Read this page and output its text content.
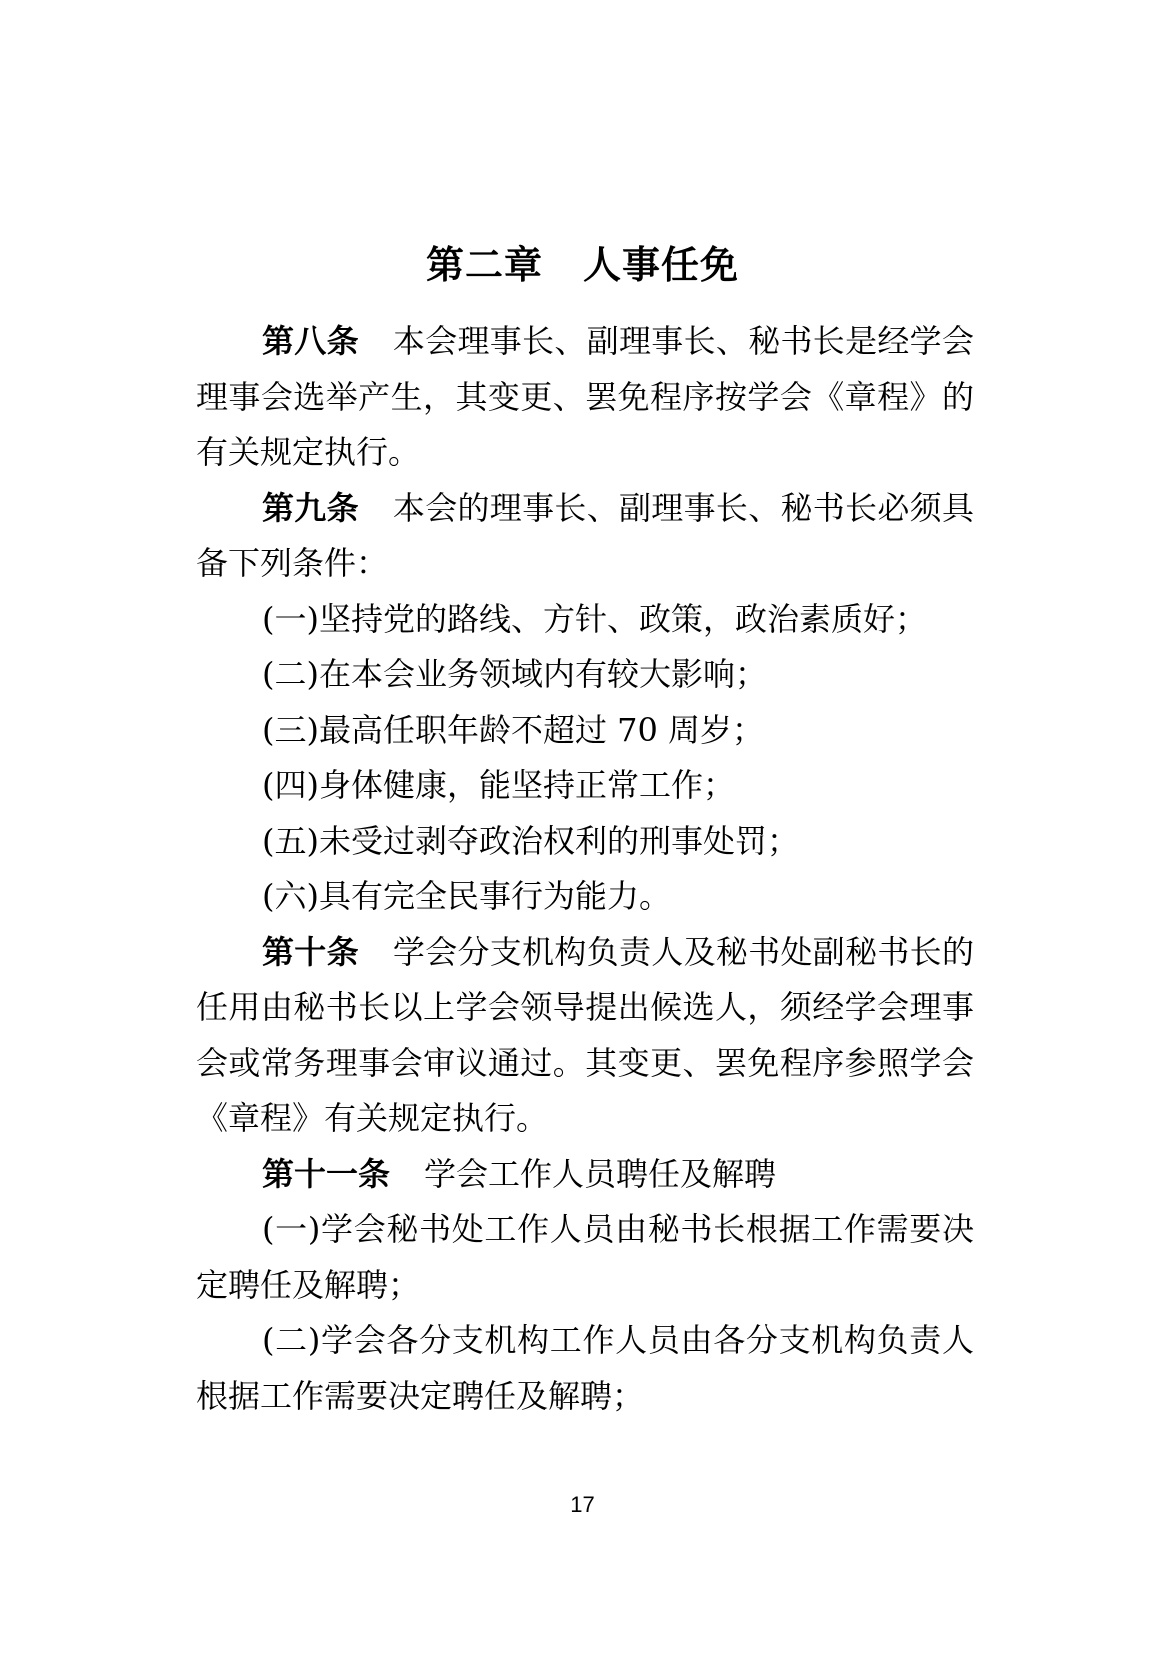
第二章 人事任免

第八条 本会理事长、副理事长、秘书长是经学会理事会选举产生，其变更、罢免程序按学会《章程》的有关规定执行。

第九条 本会的理事长、副理事长、秘书长必须具备下列条件：

(一)坚持党的路线、方针、政策，政治素质好；

(二)在本会业务领域内有较大影响；

(三)最高任职年龄不超过 70 周岁；

(四)身体健康，能坚持正常工作；

(五)未受过剥夺政治权利的刑事处罚；

(六)具有完全民事行为能力。

第十条 学会分支机构负责人及秘书处副秘书长的任用由秘书长以上学会领导提出候选人，须经学会理事会或常务理事会审议通过。其变更、罢免程序参照学会《章程》有关规定执行。

第十一条 学会工作人员聘任及解聘

(一)学会秘书处工作人员由秘书长根据工作需要决定聘任及解聘；

(二)学会各分支机构工作人员由各分支机构负责人根据工作需要决定聘任及解聘；

17
